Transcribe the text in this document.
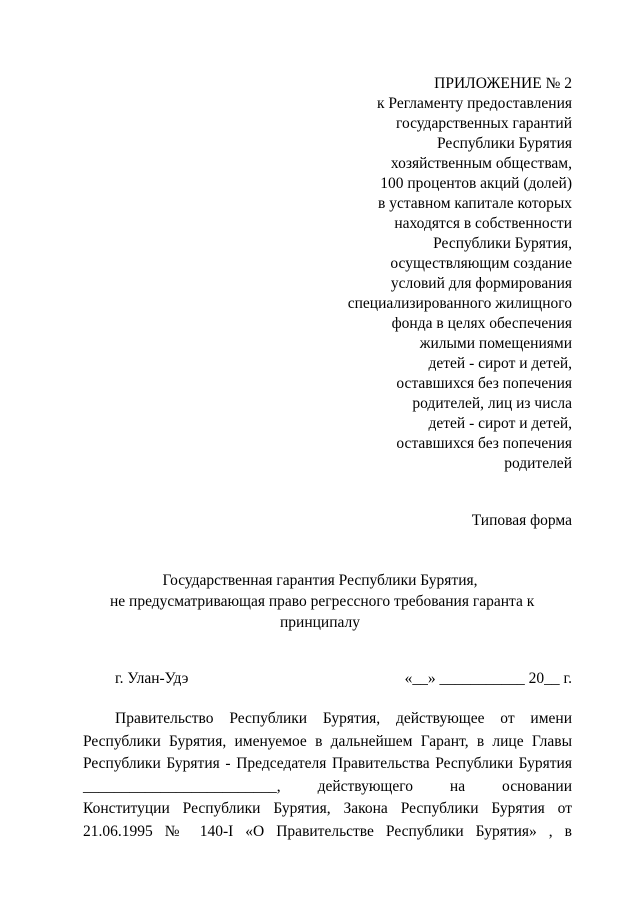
ПРИЛОЖЕНИЕ № 2
к Регламенту предоставления
государственных гарантий
Республики Бурятия
хозяйственным обществам,
100 процентов акций (долей)
в уставном капитале которых
находятся в собственности
Республики Бурятия,
осуществляющим создание
условий для формирования
специализированного жилищного
фонда в целях обеспечения
жилыми помещениями
детей - сирот и детей,
оставшихся без попечения
родителей, лиц из числа
детей - сирот и детей,
оставшихся без попечения
родителей
Типовая форма
Государственная гарантия Республики Бурятия,
не предусматривающая право регрессного требования гаранта к
принципалу
г. Улан-Удэ	«__» ___________ 20__ г.
Правительство Республики Бурятия, действующее от имени
Республики Бурятия, именуемое в дальнейшем Гарант, в лице Главы
Республики Бурятия - Председателя Правительства Республики Бурятия
_________________________, действующего на основании
Конституции Республики Бурятия, Закона Республики Бурятия от
21.06.1995 № 140-I «О Правительстве Республики Бурятия» , в
